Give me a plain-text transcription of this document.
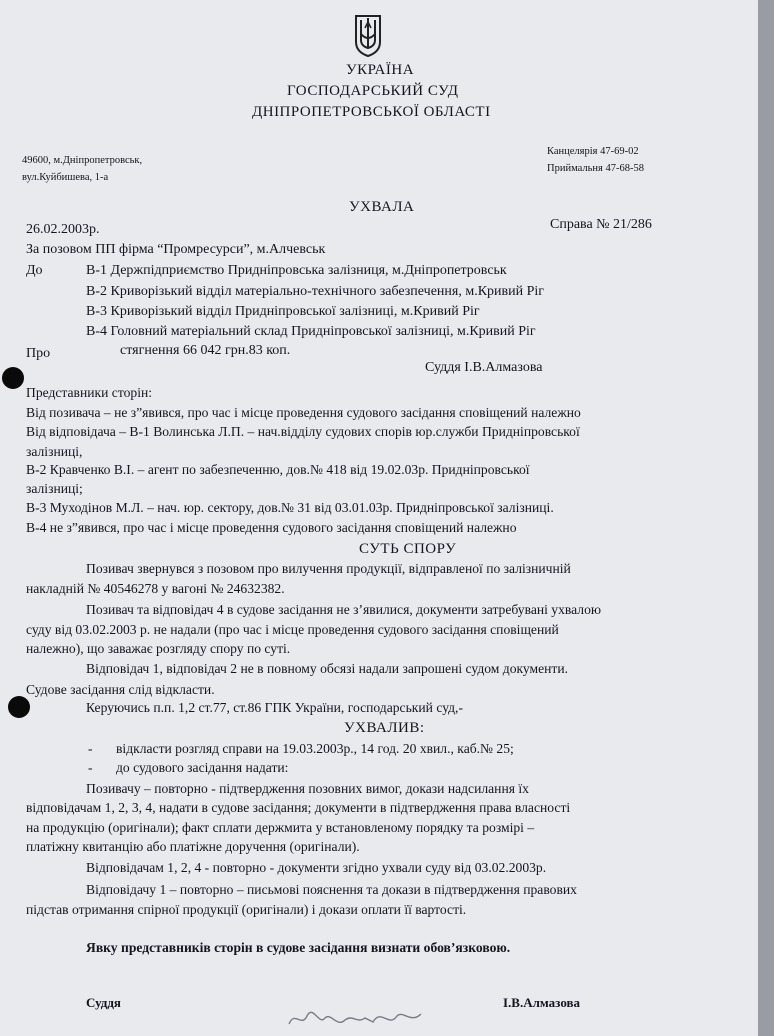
УКРАЇНА
ГОСПОДАРСЬКИЙ СУД
ДНІПРОПЕТРОВСЬКОЇ ОБЛАСТІ
49600, м.Дніпропетровськ,
вул.Куйбишева, 1-а
Канцелярія 47-69-02
Приймальня 47-68-58
УХВАЛА
26.02.2003р.	Справа № 21/286
За позовом ПП фірма “Промресурси”, м.Алчевськ
До	В-1 Держпідприємство Придніпровська залізниця, м.Дніпропетровськ
В-2 Криворізький відділ матеріально-технічного забезпечення, м.Кривий Ріг
В-3 Криворізький відділ Придніпровської залізниці, м.Кривий Ріг
В-4 Головний матеріальний склад Придніпровської залізниці, м.Кривий Ріг
Про	стягнення 66 042 грн.83 коп.
Суддя І.В.Алмазова
Представники сторін:
Від позивача – не з”явився, про час і місце проведення судового засідання сповіщений належно
Від відповідача – В-1 Волинська Л.П. – нач.відділу судових спорів юр.служби Придніпровської
залізниці,
В-2 Кравченко В.І. – агент по забезпеченню, дов.№ 418 від 19.02.03р. Придніпровської
залізниці;
В-3 Муходінов М.Л. – нач. юр. сектору, дов.№ 31 від 03.01.03р. Придніпровської залізниці.
В-4 не з”явився, про час і місце проведення судового засідання сповіщений належно
СУТЬ СПОРУ
Позивач звернувся з позовом про вилучення продукції, відправленої по залізничній
накладній № 40546278 у вагоні № 24632382.
Позивач та відповідач 4 в судове засідання не з’явилися, документи затребувані ухвалою
суду від 03.02.2003 р. не надали (про час і місце проведення судового засідання сповіщений
належно), що заважає розгляду спору по суті.
Відповідач 1, відповідач 2 не в повному обсязі надали запрошені судом документи.
Судове засідання слід відкласти.
Керуючись п.п. 1,2 ст.77, ст.86 ГПК України, господарський суд,-
УХВАЛИВ:
- відкласти розгляд справи на 19.03.2003р., 14 год. 20 хвил., каб.№ 25;
- до судового засідання надати:
Позивачу – повторно - підтвердження позовних вимог, докази надсилання їх
відповідачам 1, 2, 3, 4, надати в судове засідання; документи в підтвердження права власності
на продукцію (оригінали); факт сплати держмита у встановленому порядку та розмірі –
платіжну квитанцію або платіжне доручення (оригінали).
Відповідачам 1, 2, 4 - повторно - документи згідно ухвали суду від 03.02.2003р.
Відповідачу 1 – повторно – письмові пояснення та докази в підтвердження правових
підстав отримання спірної продукції (оригінали) і докази оплати її вартості.
Явку представників сторін в судове засідання визнати обов’язковою.
Суддя	І.В.Алмазова
